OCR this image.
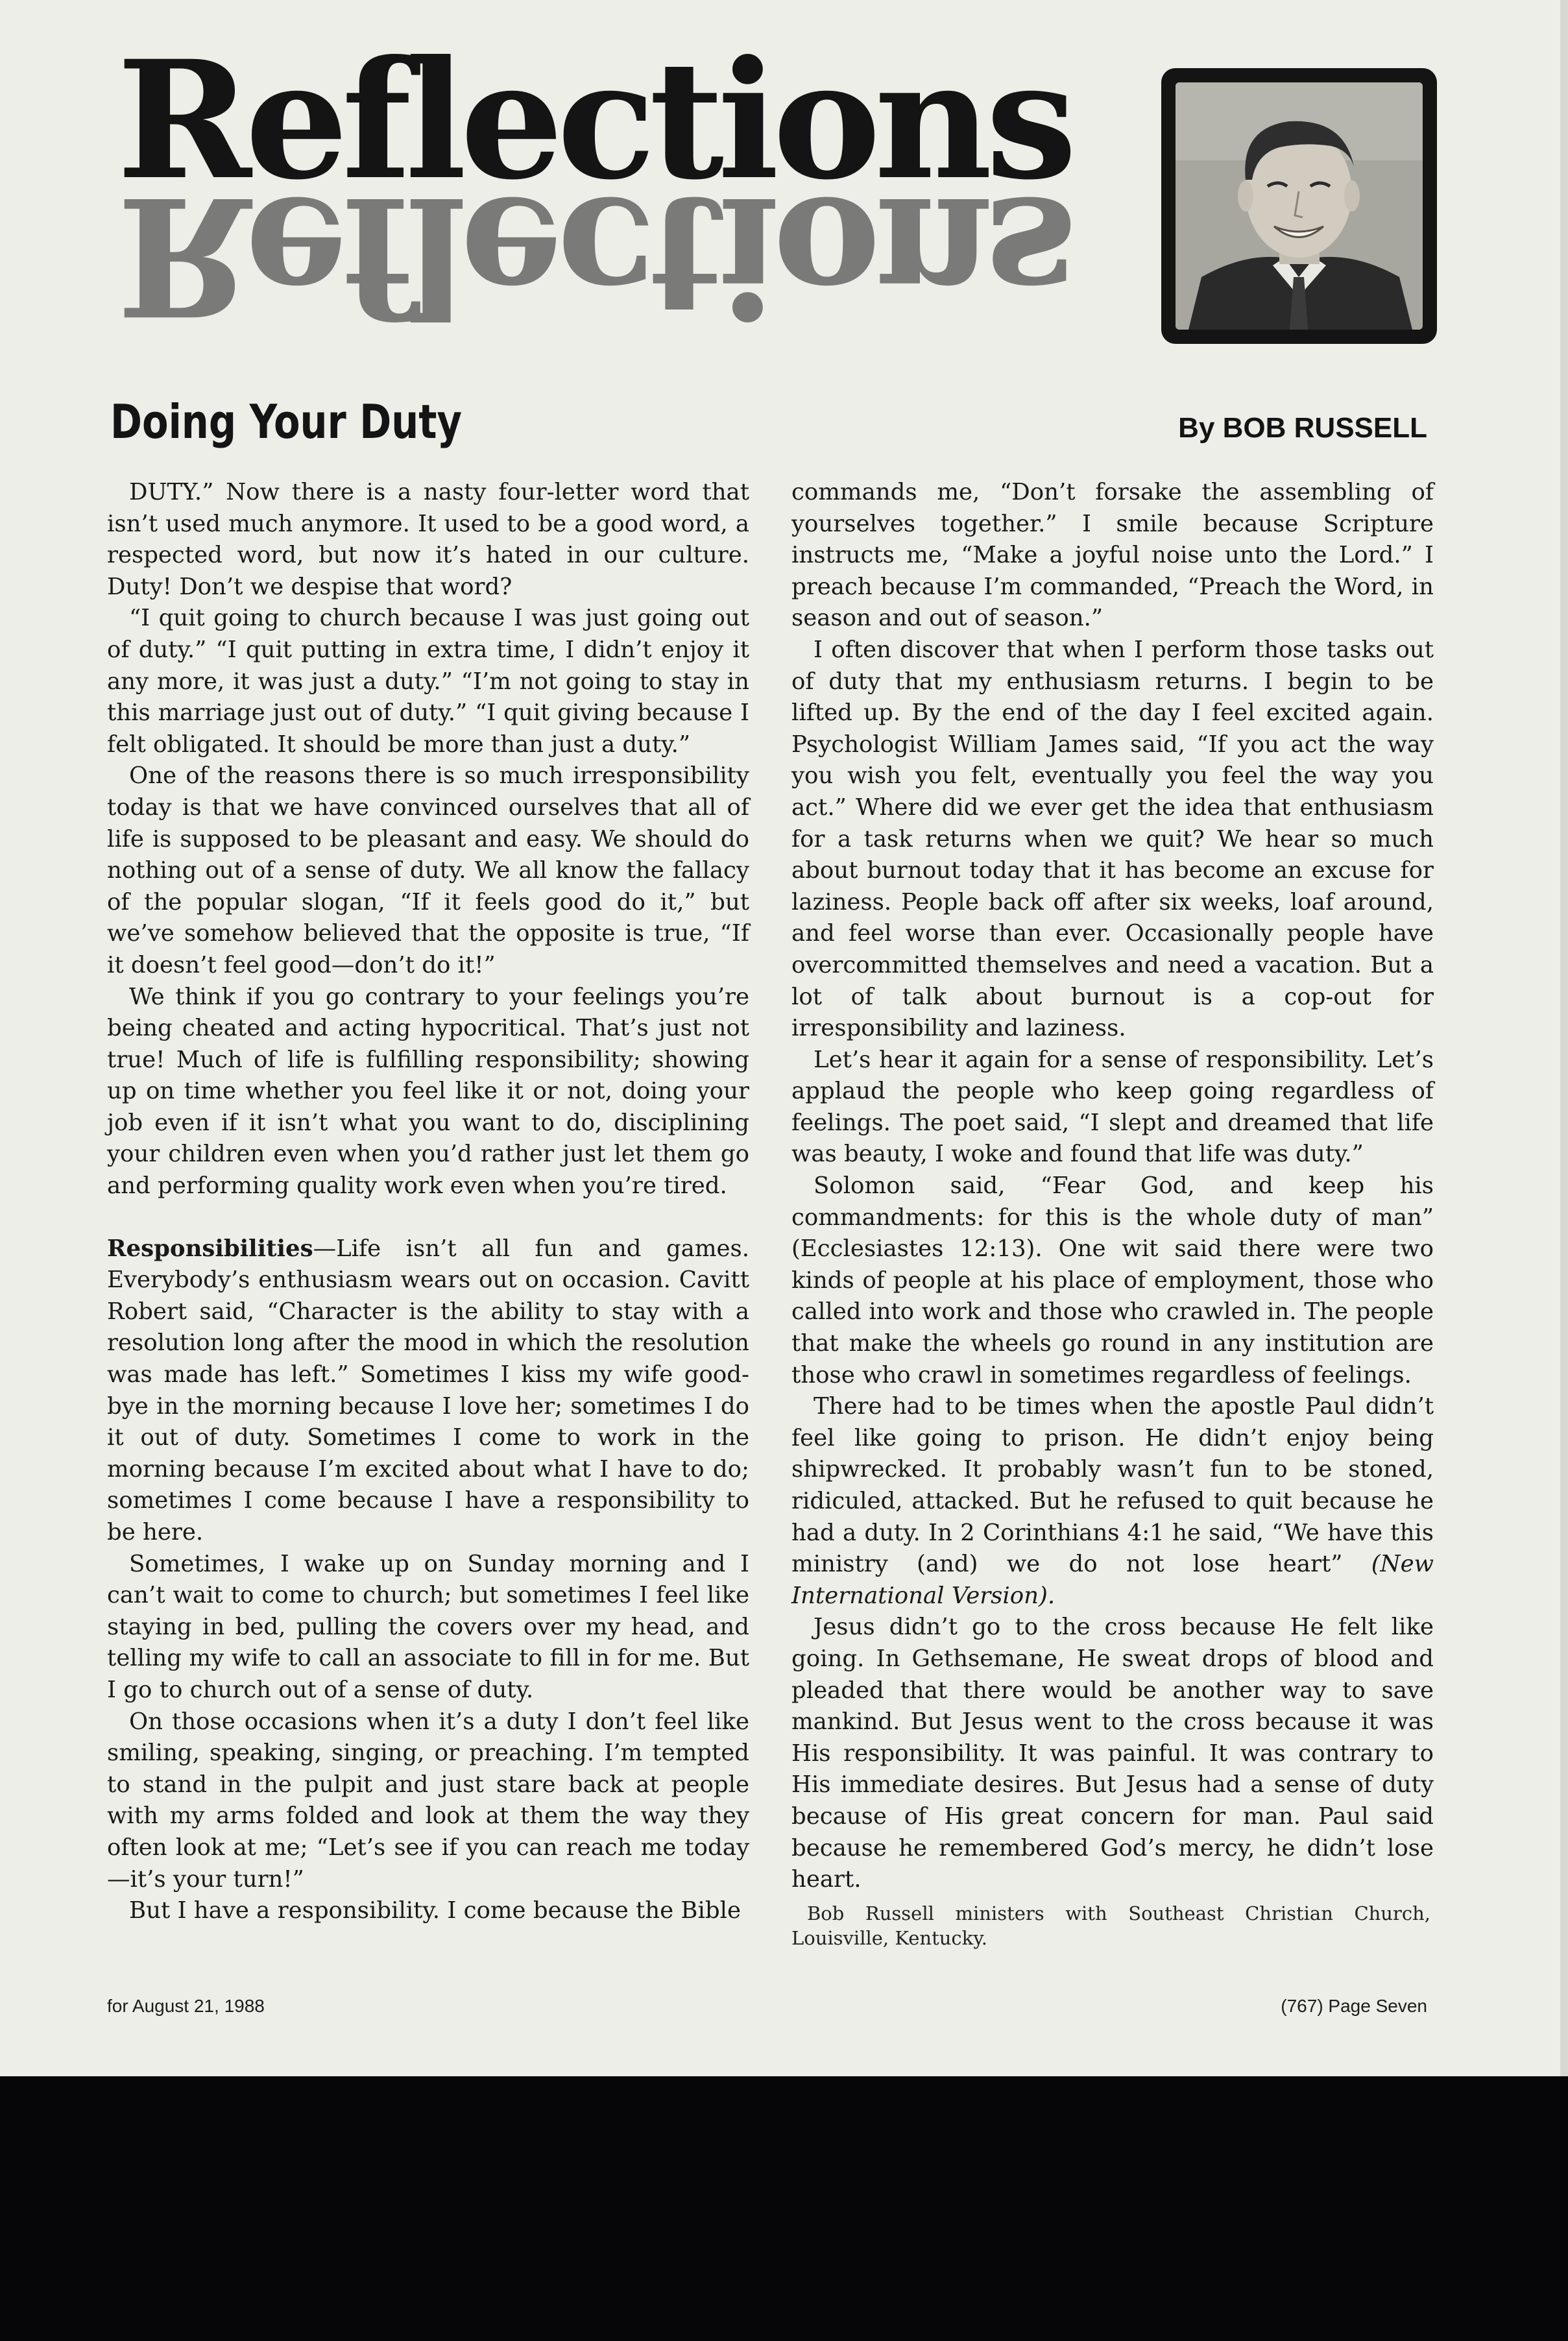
Reflections
Reflections
Doing Your Duty	By BOB RUSSELL

DUTY.” Now there is a nasty four-letter word that isn’t used much anymore. It used to be a good word, a respected word, but now it’s hated in our culture. Duty! Don’t we despise that word?

“I quit going to church because I was just going out of duty.” “I quit putting in extra time, I didn’t enjoy it any more, it was just a duty.” “I’m not going to stay in this marriage just out of duty.” “I quit giving because I felt obligated. It should be more than just a duty.”

One of the reasons there is so much irresponsibility today is that we have convinced ourselves that all of life is supposed to be pleasant and easy. We should do nothing out of a sense of duty. We all know the fallacy of the popular slogan, “If it feels good do it,” but we’ve somehow believed that the opposite is true, “If it doesn’t feel good—don’t do it!”

We think if you go contrary to your feelings you’re being cheated and acting hypocritical. That’s just not true! Much of life is fulfilling responsibility; showing up on time whether you feel like it or not, doing your job even if it isn’t what you want to do, disciplining your children even when you’d rather just let them go and performing quality work even when you’re tired.

Responsibilities—Life isn’t all fun and games. Everybody’s enthusiasm wears out on occasion. Cavitt Robert said, “Character is the ability to stay with a resolution long after the mood in which the resolution was made has left.” Sometimes I kiss my wife good-bye in the morning because I love her; sometimes I do it out of duty. Sometimes I come to work in the morning because I’m excited about what I have to do; sometimes I come because I have a responsibility to be here.

Sometimes, I wake up on Sunday morning and I can’t wait to come to church; but sometimes I feel like staying in bed, pulling the covers over my head, and telling my wife to call an associate to fill in for me. But I go to church out of a sense of duty.

On those occasions when it’s a duty I don’t feel like smiling, speaking, singing, or preaching. I’m tempted to stand in the pulpit and just stare back at people with my arms folded and look at them the way they often look at me; “Let’s see if you can reach me today—it’s your turn!”

But I have a responsibility. I come because the Bible

commands me, “Don’t forsake the assembling of yourselves together.” I smile because Scripture instructs me, “Make a joyful noise unto the Lord.” I preach because I’m commanded, “Preach the Word, in season and out of season.”

I often discover that when I perform those tasks out of duty that my enthusiasm returns. I begin to be lifted up. By the end of the day I feel excited again. Psychologist William James said, “If you act the way you wish you felt, eventually you feel the way you act.” Where did we ever get the idea that enthusiasm for a task returns when we quit? We hear so much about burnout today that it has become an excuse for laziness. People back off after six weeks, loaf around, and feel worse than ever. Occasionally people have overcommitted themselves and need a vacation. But a lot of talk about burnout is a cop-out for irresponsibility and laziness.

Let’s hear it again for a sense of responsibility. Let’s applaud the people who keep going regardless of feelings. The poet said, “I slept and dreamed that life was beauty, I woke and found that life was duty.”

Solomon said, “Fear God, and keep his commandments: for this is the whole duty of man” (Ecclesiastes 12:13). One wit said there were two kinds of people at his place of employment, those who called into work and those who crawled in. The people that make the wheels go round in any institution are those who crawl in sometimes regardless of feelings.

There had to be times when the apostle Paul didn’t feel like going to prison. He didn’t enjoy being shipwrecked. It probably wasn’t fun to be stoned, ridiculed, attacked. But he refused to quit because he had a duty. In 2 Corinthians 4:1 he said, “We have this ministry (and) we do not lose heart” (New International Version).

Jesus didn’t go to the cross because He felt like going. In Gethsemane, He sweat drops of blood and pleaded that there would be another way to save mankind. But Jesus went to the cross because it was His responsibility. It was painful. It was contrary to His immediate desires. But Jesus had a sense of duty because of His great concern for man. Paul said because he remembered God’s mercy, he didn’t lose heart.

Bob Russell ministers with Southeast Christian Church, Louisville, Kentucky.
for August 21, 1988	(767) Page Seven
